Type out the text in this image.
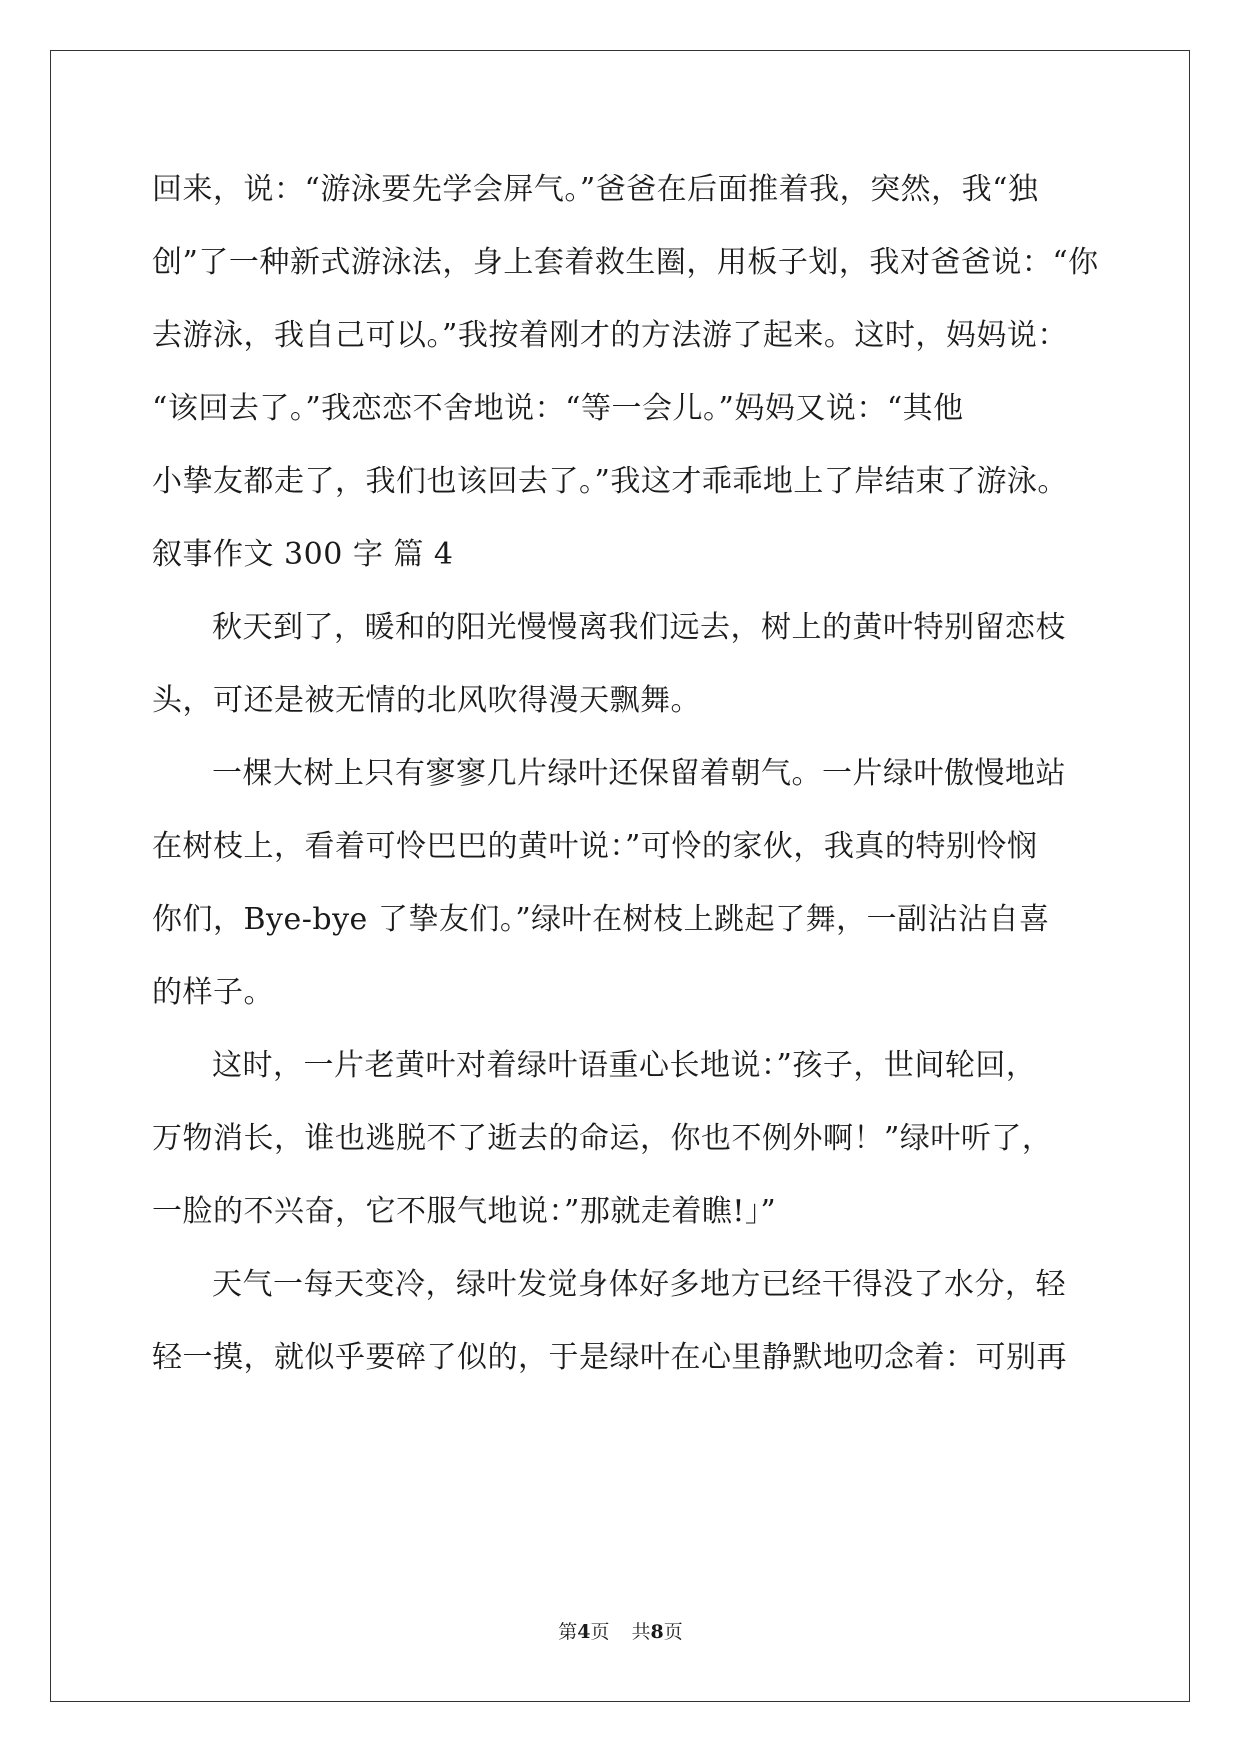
回来，说：“游泳要先学会屏气。”爸爸在后面推着我，突然，我“独
创”了一种新式游泳法，身上套着救生圈，用板子划，我对爸爸说：“你
去游泳，我自己可以。”我按着刚才的方法游了起来。这时，妈妈说：
“该回去了。”我恋恋不舍地说：“等一会儿。”妈妈又说：“其他
小挚友都走了，我们也该回去了。”我这才乖乖地上了岸结束了游泳。
叙事作文 300 字 篇 4
秋天到了，暖和的阳光慢慢离我们远去，树上的黄叶特别留恋枝
头，可还是被无情的北风吹得漫天飘舞。
一棵大树上只有寥寥几片绿叶还保留着朝气。一片绿叶傲慢地站
在树枝上，看着可怜巴巴的黄叶说：”可怜的家伙，我真的特别怜悯
你们，Bye-bye 了挚友们。”绿叶在树枝上跳起了舞，一副沾沾自喜
的样子。
这时，一片老黄叶对着绿叶语重心长地说：”孩子，世间轮回，
万物消长，谁也逃脱不了逝去的命运，你也不例外啊！”绿叶听了，
一脸的不兴奋，它不服气地说：”那就走着瞧!」”
天气一每天变冷，绿叶发觉身体好多地方已经干得没了水分，轻
轻一摸，就似乎要碎了似的，于是绿叶在心里静默地叨念着：可别再
第4页 共8页
